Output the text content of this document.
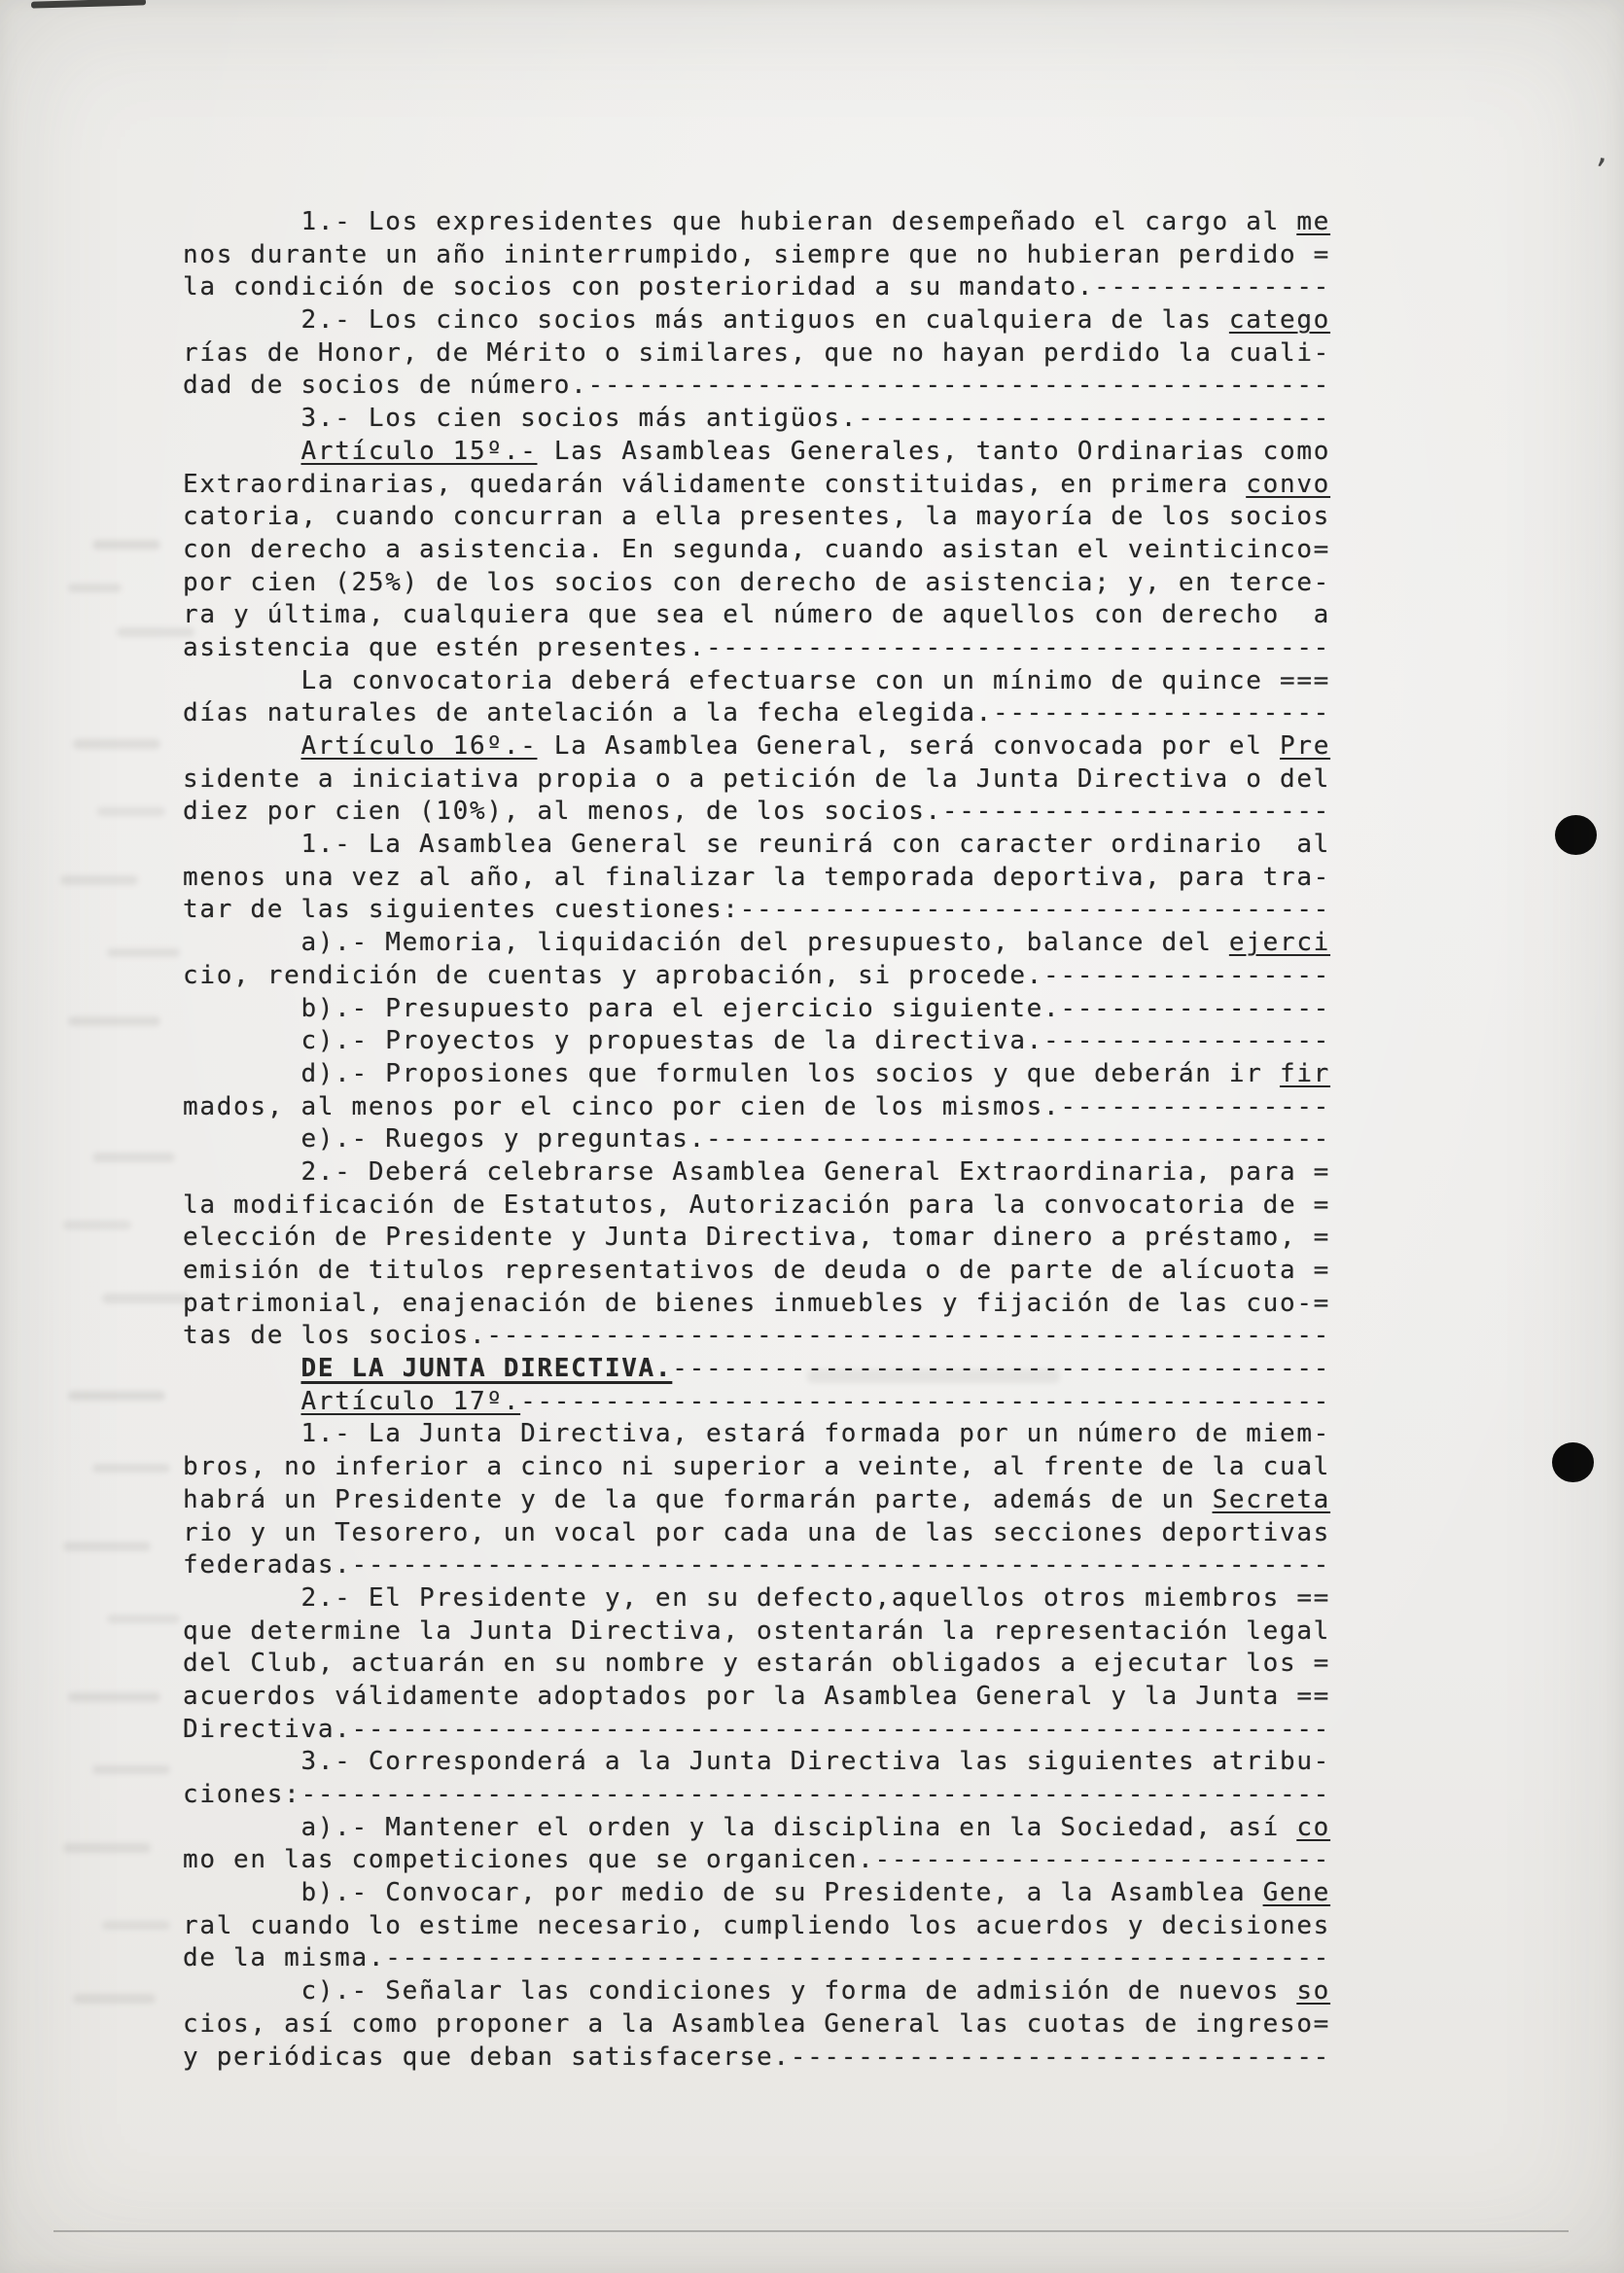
1.- Los expresidentes que hubieran desempeñado el cargo al me
nos durante un año ininterrumpido, siempre que no hubieran perdido =
la condición de socios con posterioridad a su mandato.--------------
2.- Los cinco socios más antiguos en cualquiera de las catego
rías de Honor, de Mérito o similares, que no hayan perdido la cuali-
dad de socios de número.--------------------------------------------
3.- Los cien socios más antigüos.----------------------------
Artículo 15º.- Las Asambleas Generales, tanto Ordinarias como
Extraordinarias, quedarán válidamente constituidas, en primera convo
catoria, cuando concurran a ella presentes, la mayoría de los socios
con derecho a asistencia. En segunda, cuando asistan el veinticinco=
por cien (25%) de los socios con derecho de asistencia; y, en terce-
ra y última, cualquiera que sea el número de aquellos con derecho  a
asistencia que estén presentes.-------------------------------------
La convocatoria deberá efectuarse con un mínimo de quince ===
días naturales de antelación a la fecha elegida.--------------------
Artículo 16º.- La Asamblea General, será convocada por el Pre
sidente a iniciativa propia o a petición de la Junta Directiva o del
diez por cien (10%), al menos, de los socios.-----------------------
1.- La Asamblea General se reunirá con caracter ordinario  al
menos una vez al año, al finalizar la temporada deportiva, para tra-
tar de las siguientes cuestiones:-----------------------------------
a).- Memoria, liquidación del presupuesto, balance del ejerci
cio, rendición de cuentas y aprobación, si procede.-----------------
b).- Presupuesto para el ejercicio siguiente.----------------
c).- Proyectos y propuestas de la directiva.-----------------
d).- Proposiones que formulen los socios y que deberán ir fir
mados, al menos por el cinco por cien de los mismos.----------------
e).- Ruegos y preguntas.-------------------------------------
2.- Deberá celebrarse Asamblea General Extraordinaria, para =
la modificación de Estatutos, Autorización para la convocatoria de =
elección de Presidente y Junta Directiva, tomar dinero a préstamo, =
emisión de titulos representativos de deuda o de parte de alícuota =
patrimonial, enajenación de bienes inmuebles y fijación de las cuo-=
tas de los socios.--------------------------------------------------
DE LA JUNTA DIRECTIVA.---------------------------------------
Artículo 17º.------------------------------------------------
1.- La Junta Directiva, estará formada por un número de miem-
bros, no inferior a cinco ni superior a veinte, al frente de la cual
habrá un Presidente y de la que formarán parte, además de un Secreta
rio y un Tesorero, un vocal por cada una de las secciones deportivas
federadas.----------------------------------------------------------
2.- El Presidente y, en su defecto,aquellos otros miembros ==
que determine la Junta Directiva, ostentarán la representación legal
del Club, actuarán en su nombre y estarán obligados a ejecutar los =
acuerdos válidamente adoptados por la Asamblea General y la Junta ==
Directiva.----------------------------------------------------------
3.- Corresponderá a la Junta Directiva las siguientes atribu-
ciones:-------------------------------------------------------------
a).- Mantener el orden y la disciplina en la Sociedad, así co
mo en las competiciones que se organicen.---------------------------
b).- Convocar, por medio de su Presidente, a la Asamblea Gene
ral cuando lo estime necesario, cumpliendo los acuerdos y decisiones
de la misma.--------------------------------------------------------
c).- Señalar las condiciones y forma de admisión de nuevos so
cios, así como proponer a la Asamblea General las cuotas de ingreso=
y periódicas que deban satisfacerse.--------------------------------
’
